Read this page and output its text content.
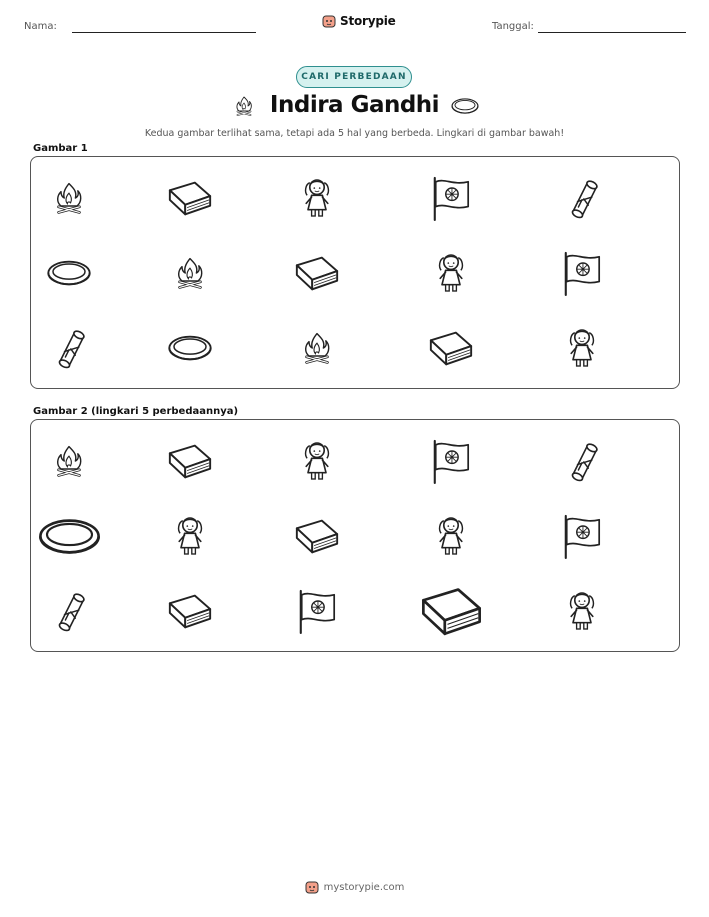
Nama:	Storypie	Tanggal:
CARI PERBEDAAN
Indira Gandhi
Kedua gambar terlihat sama, tetapi ada 5 hal yang berbeda. Lingkari di gambar bawah!
Gambar 1
Gambar 2 (lingkari 5 perbedaannya)
mystorypie.com
